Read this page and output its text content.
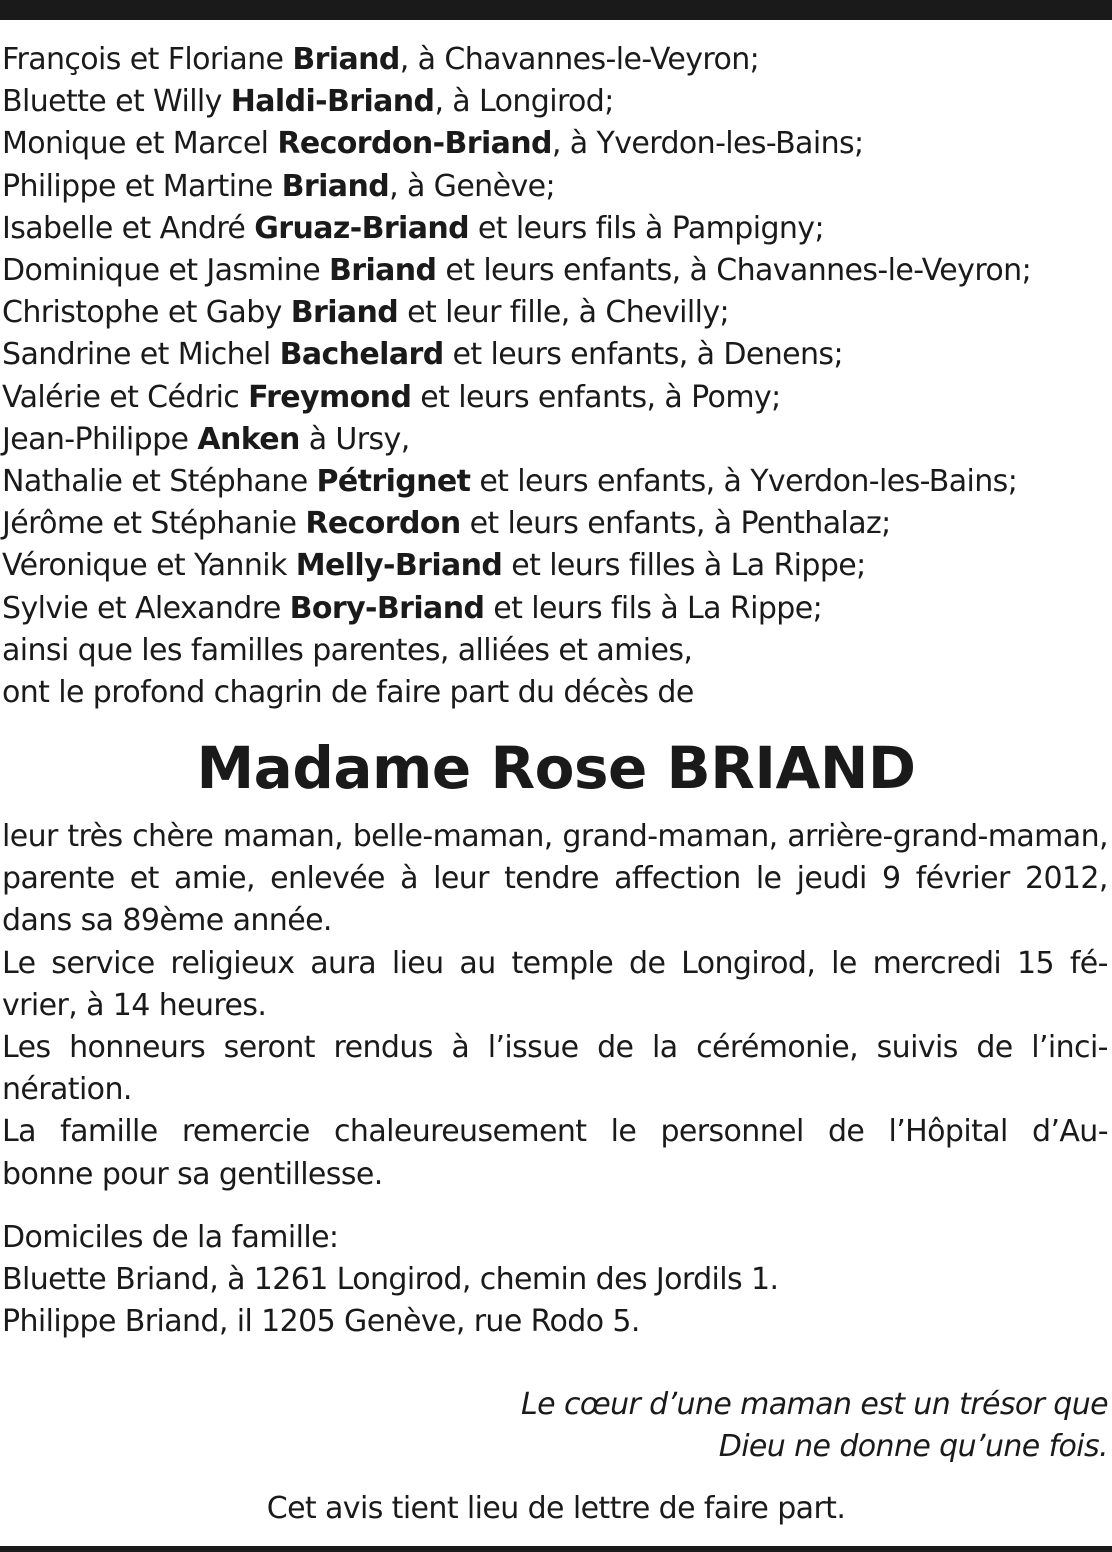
François et Floriane Briand, à Chavannes-le-Veyron;
Bluette et Willy Haldi-Briand, à Longirod;
Monique et Marcel Recordon-Briand, à Yverdon-les-Bains;
Philippe et Martine Briand, à Genève;
Isabelle et André Gruaz-Briand et leurs fils à Pampigny;
Dominique et Jasmine Briand et leurs enfants, à Chavannes-le-Veyron;
Christophe et Gaby Briand et leur fille, à Chevilly;
Sandrine et Michel Bachelard et leurs enfants, à Denens;
Valérie et Cédric Freymond et leurs enfants, à Pomy;
Jean-Philippe Anken à Ursy,
Nathalie et Stéphane Pétrignet et leurs enfants, à Yverdon-les-Bains;
Jérôme et Stéphanie Recordon et leurs enfants, à Penthalaz;
Véronique et Yannik Melly-Briand et leurs filles à La Rippe;
Sylvie et Alexandre Bory-Briand et leurs fils à La Rippe;
ainsi que les familles parentes, alliées et amies,
ont le profond chagrin de faire part du décès de
Madame Rose BRIAND
leur très chère maman, belle-maman, grand-maman, arrière-grand-maman,
parente et amie, enlevée à leur tendre affection le jeudi 9 février 2012,
dans sa 89ème année.
Le service religieux aura lieu au temple de Longirod, le mercredi 15 fé-
vrier, à 14 heures.
Les honneurs seront rendus à l’issue de la cérémonie, suivis de l’inci-
nération.
La famille remercie chaleureusement le personnel de l’Hôpital d’Au-
bonne pour sa gentillesse.
Domiciles de la famille:
Bluette Briand, à 1261 Longirod, chemin des Jordils 1.
Philippe Briand, il 1205 Genève, rue Rodo 5.
Le cœur d’une maman est un trésor que
Dieu ne donne qu’une fois.
Cet avis tient lieu de lettre de faire part.
